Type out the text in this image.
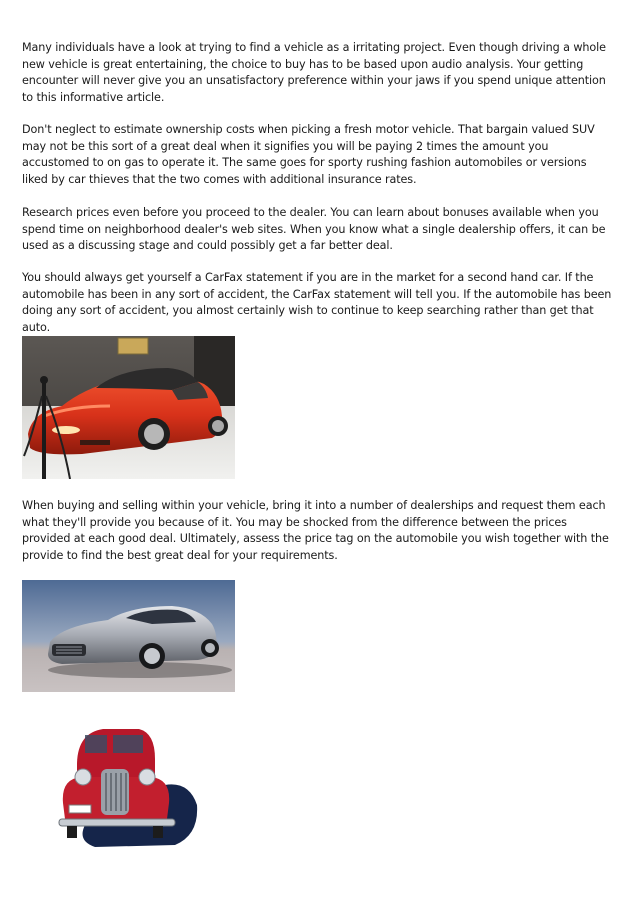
Many individuals have a look at trying to find a vehicle as a irritating project. Even though driving a whole new vehicle is great entertaining, the choice to buy has to be based upon audio analysis. Your getting encounter will never give you an unsatisfactory preference within your jaws if you spend unique attention to this informative article.

Don't neglect to estimate ownership costs when picking a fresh motor vehicle. That bargain valued SUV may not be this sort of a great deal when it signifies you will be paying 2 times the amount you accustomed to on gas to operate it. The same goes for sporty rushing fashion automobiles or versions liked by car thieves that the two comes with additional insurance rates.

Research prices even before you proceed to the dealer. You can learn about bonuses available when you spend time on neighborhood dealer's web sites. When you know what a single dealership offers, it can be used as a discussing stage and could possibly get a far better deal.

You should always get yourself a CarFax statement if you are in the market for a second hand car. If the automobile has been in any sort of accident, the CarFax statement will tell you. If the automobile has been doing any sort of accident, you almost certainly wish to continue to keep searching rather than get that auto.

When buying and selling within your vehicle, bring it into a number of dealerships and request them each what they'll provide you because of it. You may be shocked from the difference between the prices provided at each good deal. Ultimately, assess the price tag on the automobile you wish together with the provide to find the best great deal for your requirements.
